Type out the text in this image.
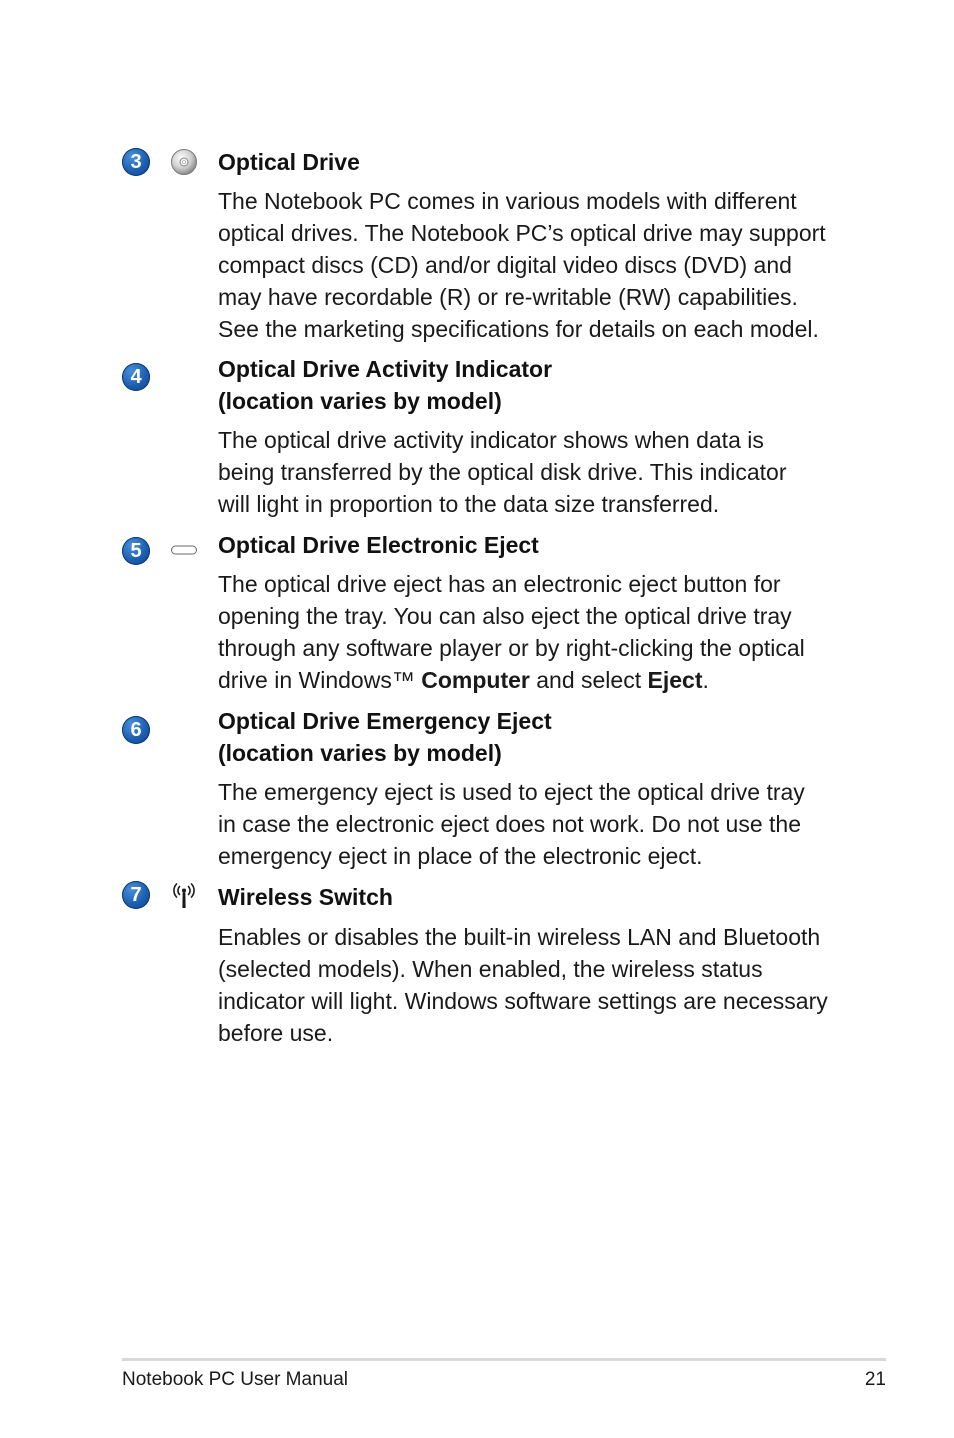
3	Optical Drive
The Notebook PC comes in various models with different
optical drives. The Notebook PC’s optical drive may support
compact discs (CD) and/or digital video discs (DVD) and
may have recordable (R) or re-writable (RW) capabilities.
See the marketing specifications for details on each model.
4	Optical Drive Activity Indicator
(location varies by model)
The optical drive activity indicator shows when data is
being transferred by the optical disk drive. This indicator
will light in proportion to the data size transferred.
5	Optical Drive Electronic Eject
The optical drive eject has an electronic eject button for
opening the tray. You can also eject the optical drive tray
through any software player or by right-clicking the optical
drive in Windows™ Computer and select Eject.
6	Optical Drive Emergency Eject
(location varies by model)
The emergency eject is used to eject the optical drive tray
in case the electronic eject does not work. Do not use the
emergency eject in place of the electronic eject.
7	Wireless Switch
Enables or disables the built-in wireless LAN and Bluetooth
(selected models). When enabled, the wireless status
indicator will light. Windows software settings are necessary
before use.
Notebook PC User Manual	21
